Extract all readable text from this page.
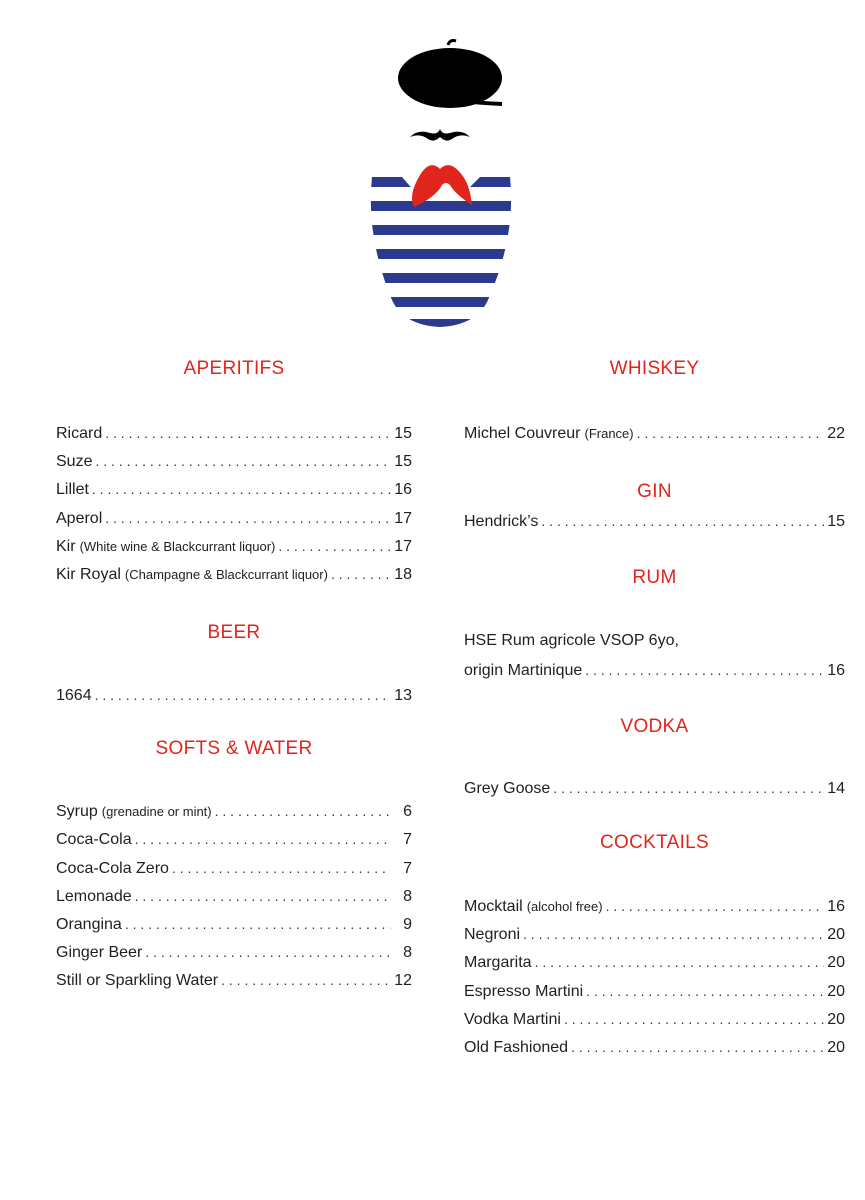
APERITIFS
Ricard . . .	15
Suze . . .	15
Lillet . . .	16
Aperol . . .	17
Kir (White wine & Blackcurrant liquor) . . .	17
Kir Royal (Champagne & Blackcurrant liquor) . . .	18
BEER
1664 . . .	13
SOFTS & WATER
Syrup (grenadine or mint) . . .	6
Coca-Cola . . .	7
Coca-Cola Zero . . .	7
Lemonade . . .	8
Orangina . . .	9
Ginger Beer . . .	8
Still or Sparkling Water . . .	12
WHISKEY
Michel Couvreur (France) . . .	22
GIN
Hendrick’s . . .	15
RUM
HSE Rum agricole VSOP 6yo,
origin Martinique . . .	16
VODKA
Grey Goose . . .	14
COCKTAILS
Mocktail (alcohol free) . . .	16
Negroni . . .	20
Margarita . . .	20
Espresso Martini . . .	20
Vodka Martini . . .	20
Old Fashioned . . .	20
